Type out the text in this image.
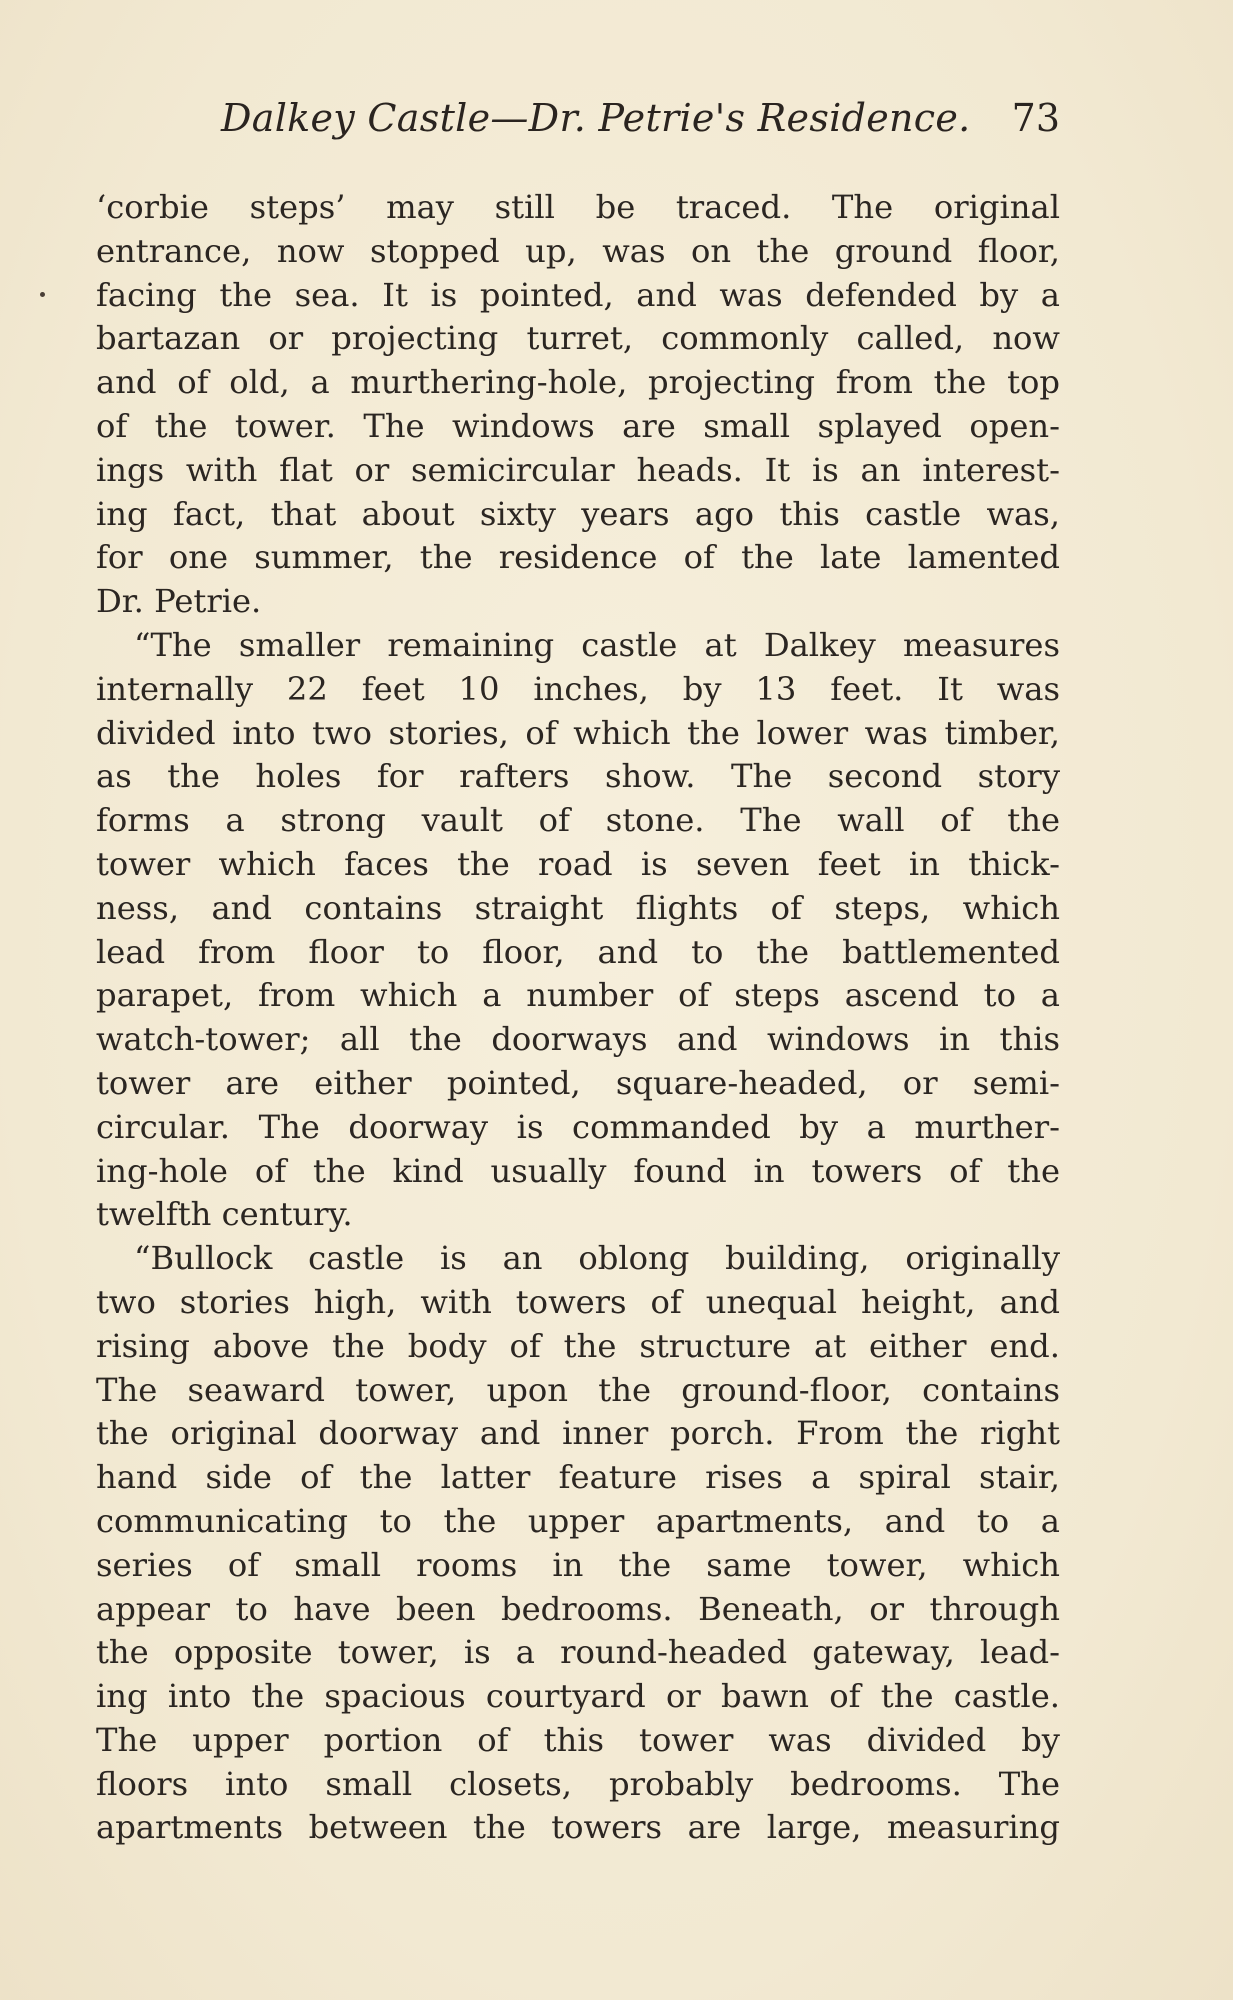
Dalkey Castle—Dr. Petrie's Residence. 73
‘corbie steps’ may still be traced. The original
entrance, now stopped up, was on the ground floor,
facing the sea. It is pointed, and was defended by a
bartazan or projecting turret, commonly called, now
and of old, a murthering-hole, projecting from the top
of the tower. The windows are small splayed open-
ings with flat or semicircular heads. It is an interest-
ing fact, that about sixty years ago this castle was,
for one summer, the residence of the late lamented
Dr. Petrie.
“The smaller remaining castle at Dalkey measures
internally 22 feet 10 inches, by 13 feet. It was
divided into two stories, of which the lower was timber,
as the holes for rafters show. The second story
forms a strong vault of stone. The wall of the
tower which faces the road is seven feet in thick-
ness, and contains straight flights of steps, which
lead from floor to floor, and to the battlemented
parapet, from which a number of steps ascend to a
watch-tower; all the doorways and windows in this
tower are either pointed, square-headed, or semi-
circular. The doorway is commanded by a murther-
ing-hole of the kind usually found in towers of the
twelfth century.
“Bullock castle is an oblong building, originally
two stories high, with towers of unequal height, and
rising above the body of the structure at either end.
The seaward tower, upon the ground-floor, contains
the original doorway and inner porch. From the right
hand side of the latter feature rises a spiral stair,
communicating to the upper apartments, and to a
series of small rooms in the same tower, which
appear to have been bedrooms. Beneath, or through
the opposite tower, is a round-headed gateway, lead-
ing into the spacious courtyard or bawn of the castle.
The upper portion of this tower was divided by
floors into small closets, probably bedrooms. The
apartments between the towers are large, measuring
